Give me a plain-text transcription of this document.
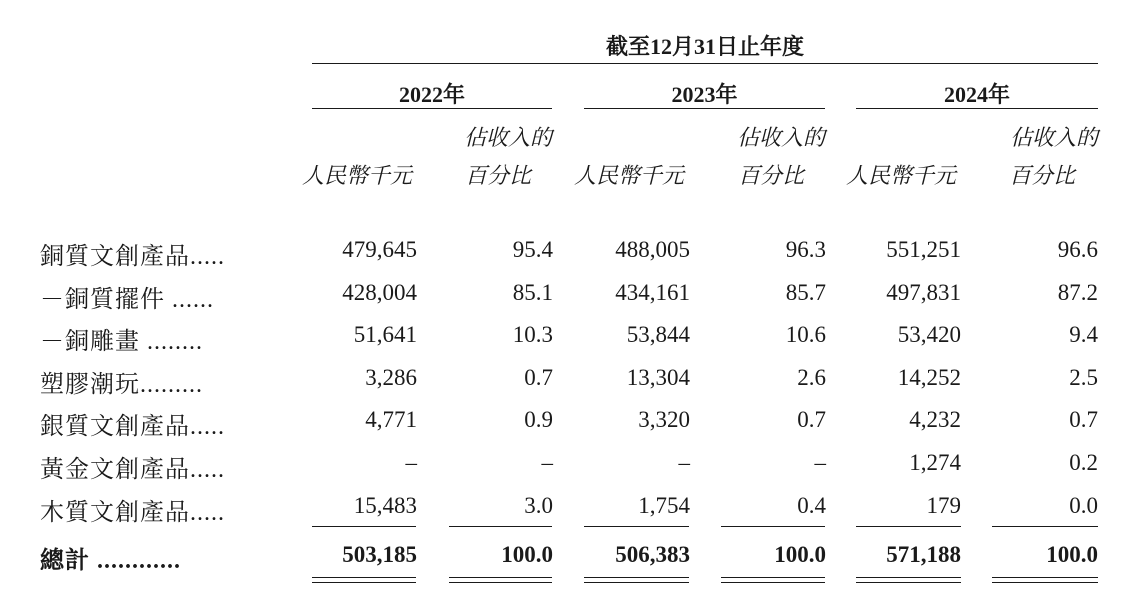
截至12月31日止年度
2022年	2023年	2024年
佔收入的	佔收入的	佔收入的
人民幣千元 百分比 人民幣千元 百分比 人民幣千元 百分比
銅質文創產品.....	479,645	95.4	488,005	96.3	551,251	96.6
－銅質擺件 ......	428,004	85.1	434,161	85.7	497,831	87.2
－銅雕畫 ........	51,641	10.3	53,844	10.6	53,420	9.4
塑膠潮玩.........	3,286	0.7	13,304	2.6	14,252	2.5
銀質文創產品.....	4,771	0.9	3,320	0.7	4,232	0.7
黃金文創產品.....	–	–	–	–	1,274	0.2
木質文創產品.....	15,483	3.0	1,754	0.4	179	0.0
總計 ............	503,185	100.0	506,383	100.0	571,188	100.0
